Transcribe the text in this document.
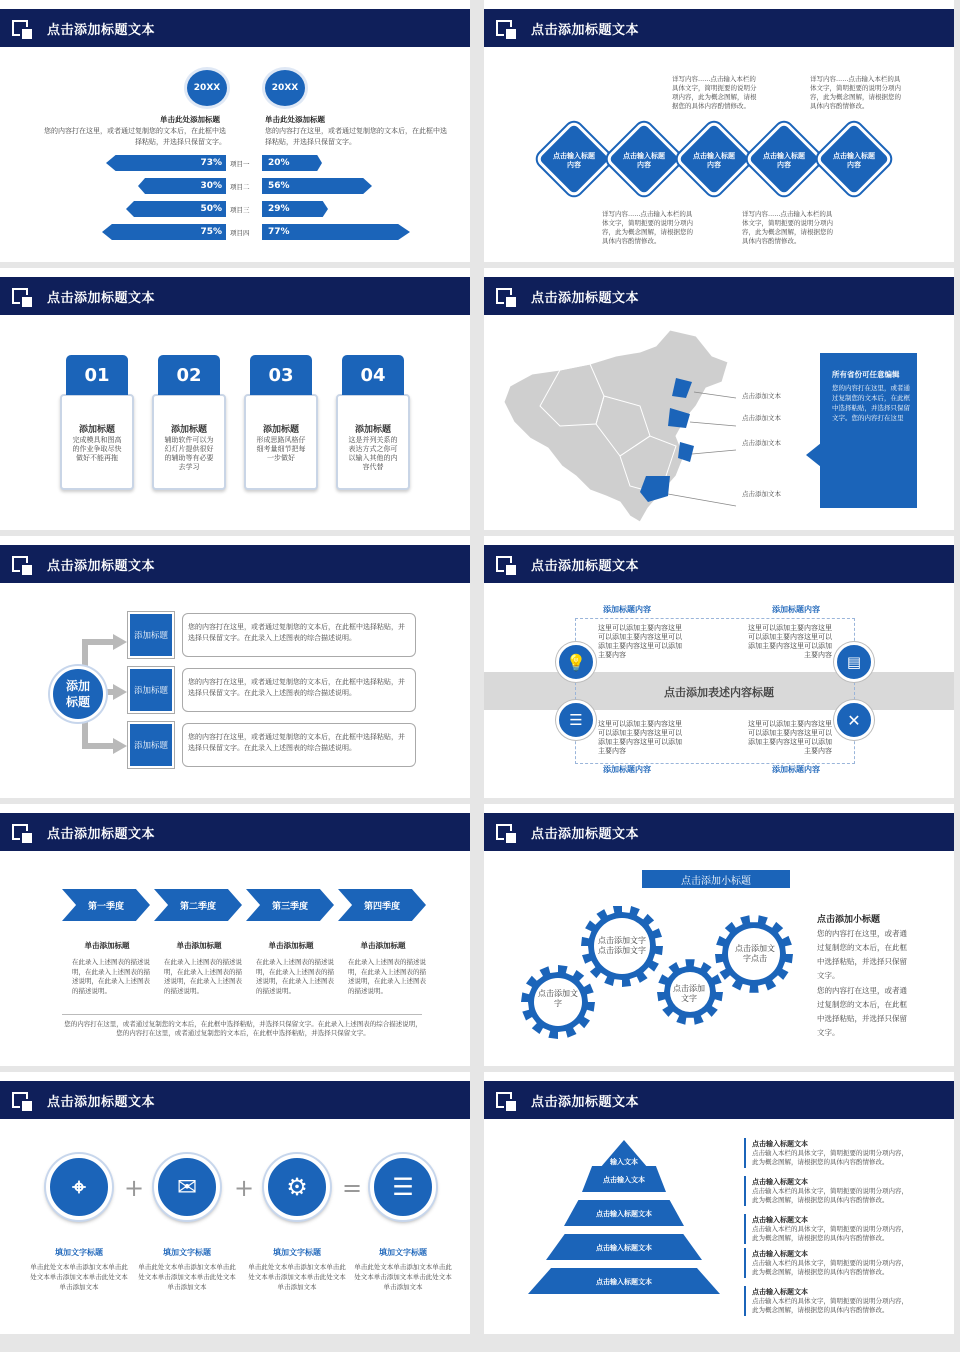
点击添加标题文本
20XX	20XX
单击此处添加标题	单击此处添加标题
您的内容打在这里，或者通过复制您的文本后，在此框中选择粘贴，并选择只保留文字。
您的内容打在这里，或者通过复制您的文本后，在此框中选择粘贴，并选择只保留文字。
73% 项目一 20%
30% 项目二 56%
50% 项目三 29%
75% 项目四 77%
点击添加标题文本
详写内容......点击输入本栏的具体文字，简明扼要的说明分项内容，此为概念图解，请根据您的具体内容酌情修改。
详写内容......点击输入本栏的具体文字，简明扼要的说明分项内容，此为概念图解，请根据您的具体内容酌情修改。
点击输入标题内容
点击输入标题内容
点击输入标题内容
点击输入标题内容
点击输入标题内容
详写内容......点击输入本栏的具体文字，简明扼要的说明分项内容，此为概念图解，请根据您的具体内容酌情修改。
详写内容......点击输入本栏的具体文字，简明扼要的说明分项内容，此为概念图解，请根据您的具体内容酌情修改。
点击添加标题文本
01
添加标题
完成模具和图高的作业争取尽快做好不能再拖
02
添加标题
辅助软件可以为幻灯片提供很好的辅助等有必要去学习
03
添加标题
形成思路风格仔细考量细节把每一步做好
04
添加标题
这是并列关系的表达方式之你可以输入其他的内容代替
点击添加标题文本
点击添加文本
点击添加文本
点击添加文本
点击添加文本
所有省份可任意编辑
您的内容打在这里，或者通过复制您的文本后，在此框中选择粘贴，并选择只保留文字。您的内容打在这里
点击添加标题文本
添加标题
添加标题
您的内容打在这里，或者通过复制您的文本后，在此框中选择粘贴，并选择只保留文字。在此录入上述图表的综合描述说明。
添加标题
您的内容打在这里，或者通过复制您的文本后，在此框中选择粘贴，并选择只保留文字。在此录入上述图表的综合描述说明。
添加标题
您的内容打在这里，或者通过复制您的文本后，在此框中选择粘贴，并选择只保留文字。在此录入上述图表的综合描述说明。
点击添加标题文本
点击添加表述内容标题
添加标题内容	添加标题内容
添加标题内容	添加标题内容
这里可以添加主要内容这里可以添加主要内容这里可以添加主要内容这里可以添加主要内容
这里可以添加主要内容这里可以添加主要内容这里可以添加主要内容这里可以添加主要内容
这里可以添加主要内容这里可以添加主要内容这里可以添加主要内容这里可以添加主要内容
这里可以添加主要内容这里可以添加主要内容这里可以添加主要内容这里可以添加主要内容
💡	▤
☰	✕
点击添加标题文本
第一季度
单击添加标题
在此录入上述图表的描述说明，在此录入上述图表的描述说明，在此录入上述图表的描述说明。
第二季度
单击添加标题
在此录入上述图表的描述说明，在此录入上述图表的描述说明，在此录入上述图表的描述说明。
第三季度
单击添加标题
在此录入上述图表的描述说明，在此录入上述图表的描述说明，在此录入上述图表的描述说明。
第四季度
单击添加标题
在此录入上述图表的描述说明，在此录入上述图表的描述说明，在此录入上述图表的描述说明。
您的内容打在这里，或者通过复制您的文本后，在此框中选择粘贴，并选择只保留文字。在此录入上述图表的综合描述说明，
您的内容打在这里，或者通过复制您的文本后，在此框中选择粘贴，并选择只保留文字。
点击添加标题文本
点击添加小标题
点击添加文字
点击添加文字点击添加文字
点击添加文字
点击添加文字点击
点击添加小标题
您的内容打在这里，或者通过复制您的文本后，在此框中选择粘贴，并选择只保留文字。
您的内容打在这里，或者通过复制您的文本后，在此框中选择粘贴，并选择只保留文字。
点击添加标题文本
⌖
填加文字标题
单击此处文本单击添加文本单击此处文本单击添加文本单击此处文本单击添加文本
✉
填加文字标题
单击此处文本单击添加文本单击此处文本单击添加文本单击此处文本单击添加文本
⚙
填加文字标题
单击此处文本单击添加文本单击此处文本单击添加文本单击此处文本单击添加文本
☰
填加文字标题
单击此处文本单击添加文本单击此处文本单击添加文本单击此处文本单击添加文本
+	+	=
点击添加标题文本
输入文本
点击输入文本
点击输入标题文本
点击输入标题文本
点击输入标题文本
点击输入标题文本
点击输入本栏的具体文字，简明扼要的说明分项内容，此为概念图解，请根据您的具体内容酌情修改。
点击输入标题文本
点击输入本栏的具体文字，简明扼要的说明分项内容，此为概念图解，请根据您的具体内容酌情修改。
点击输入标题文本
点击输入本栏的具体文字，简明扼要的说明分项内容，此为概念图解，请根据您的具体内容酌情修改。
点击输入标题文本
点击输入本栏的具体文字，简明扼要的说明分项内容，此为概念图解，请根据您的具体内容酌情修改。
点击输入标题文本
点击输入本栏的具体文字，简明扼要的说明分项内容，此为概念图解，请根据您的具体内容酌情修改。
